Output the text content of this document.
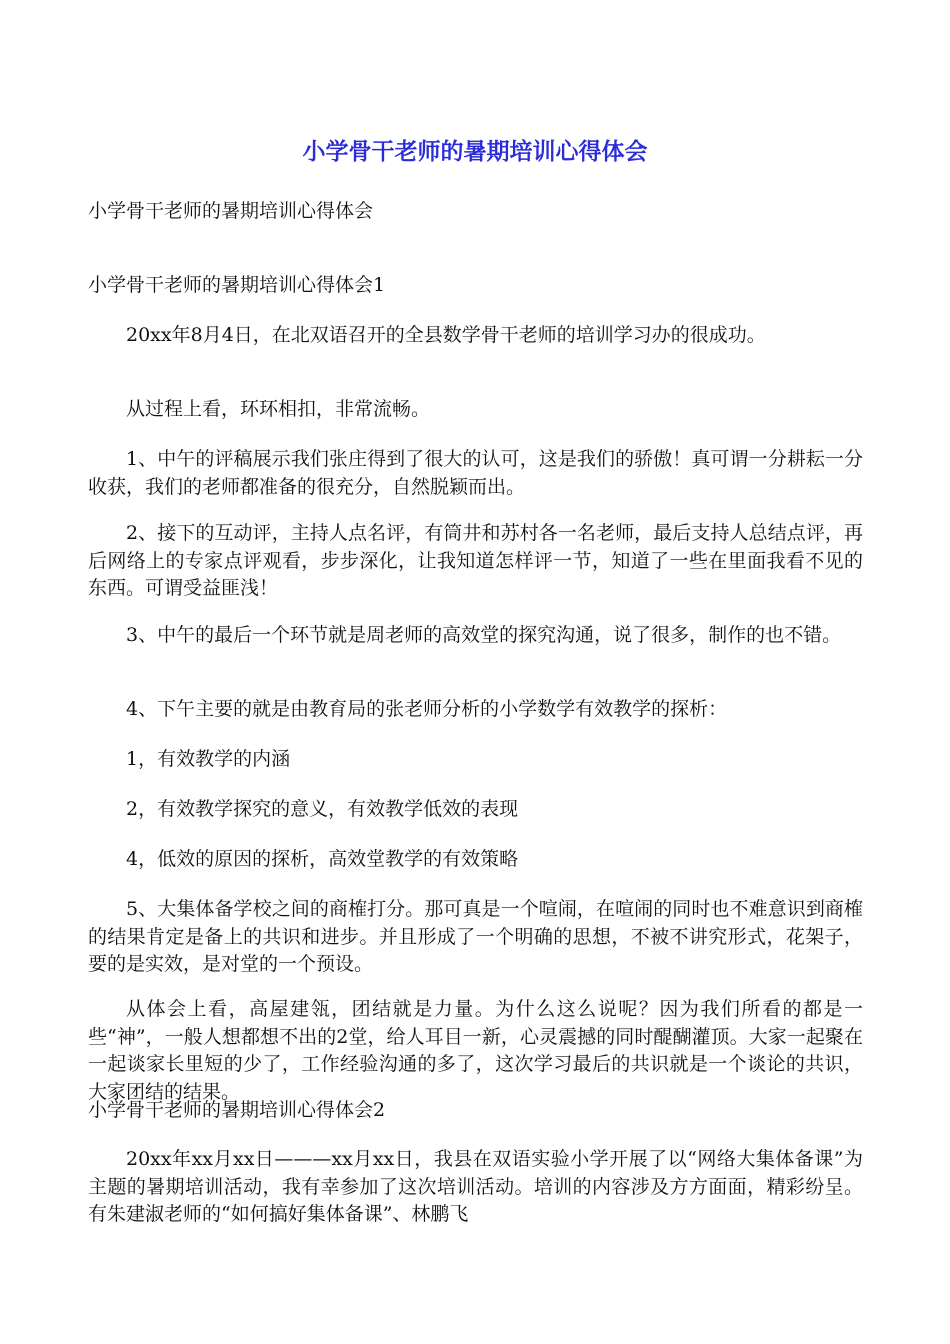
小学骨干老师的暑期培训心得体会

小学骨干老师的暑期培训心得体会

小学骨干老师的暑期培训心得体会1

20xx年8月4日，在北双语召开的全县数学骨干老师的培训学习办的很成功。

从过程上看，环环相扣，非常流畅。

1、中午的评稿展示我们张庄得到了很大的认可，这是我们的骄傲！真可谓一分耕耘一分收获，我们的老师都准备的很充分，自然脱颖而出。

2、接下的互动评，主持人点名评，有筒井和苏村各一名老师，最后支持人总结点评，再后网络上的专家点评观看，步步深化，让我知道怎样评一节，知道了一些在里面我看不见的东西。可谓受益匪浅！

3、中午的最后一个环节就是周老师的高效堂的探究沟通，说了很多，制作的也不错。

4、下午主要的就是由教育局的张老师分析的小学数学有效教学的探析：

1，有效教学的内涵

2，有效教学探究的意义，有效教学低效的表现

4，低效的原因的探析，高效堂教学的有效策略

5、大集体备学校之间的商榷打分。那可真是一个喧闹，在喧闹的同时也不难意识到商榷的结果肯定是备上的共识和进步。并且形成了一个明确的思想，不被不讲究形式，花架子，要的是实效，是对堂的一个预设。

从体会上看，高屋建瓴，团结就是力量。为什么这么说呢？因为我们所看的都是一些“神”，一般人想都想不出的2堂，给人耳目一新，心灵震撼的同时醍醐灌顶。大家一起聚在一起谈家长里短的少了，工作经验沟通的多了，这次学习最后的共识就是一个谈论的共识，大家团结的结果。

小学骨干老师的暑期培训心得体会2

20xx年xx月xx日———xx月xx日，我县在双语实验小学开展了以“网络大集体备课”为主题的暑期培训活动，我有幸参加了这次培训活动。培训的内容涉及方方面面，精彩纷呈。有朱建淑老师的“如何搞好集体备课”、林鹏飞
